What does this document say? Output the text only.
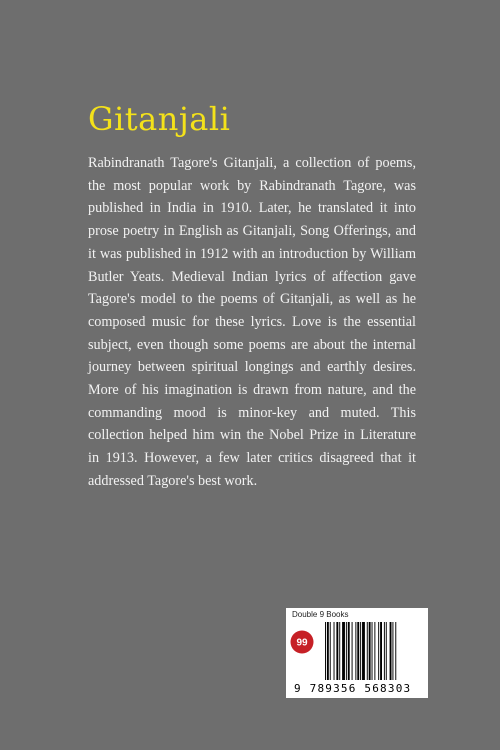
Gitanjali

Rabindranath Tagore's Gitanjali, a collection of poems, the most popular work by Rabindranath Tagore, was published in India in 1910. Later, he translated it into prose poetry in English as Gitanjali, Song Offerings, and it was published in 1912 with an introduction by William Butler Yeats. Medieval Indian lyrics of affection gave Tagore's model to the poems of Gitanjali, as well as he composed music for these lyrics. Love is the essential subject, even though some poems are about the internal journey between spiritual longings and earthly desires. More of his imagination is drawn from nature, and the commanding mood is minor-key and muted. This collection helped him win the Nobel Prize in Literature in 1913. However, a few later critics disagreed that it addressed Tagore's best work.

Double 9 Books
99
9 789356 568303
